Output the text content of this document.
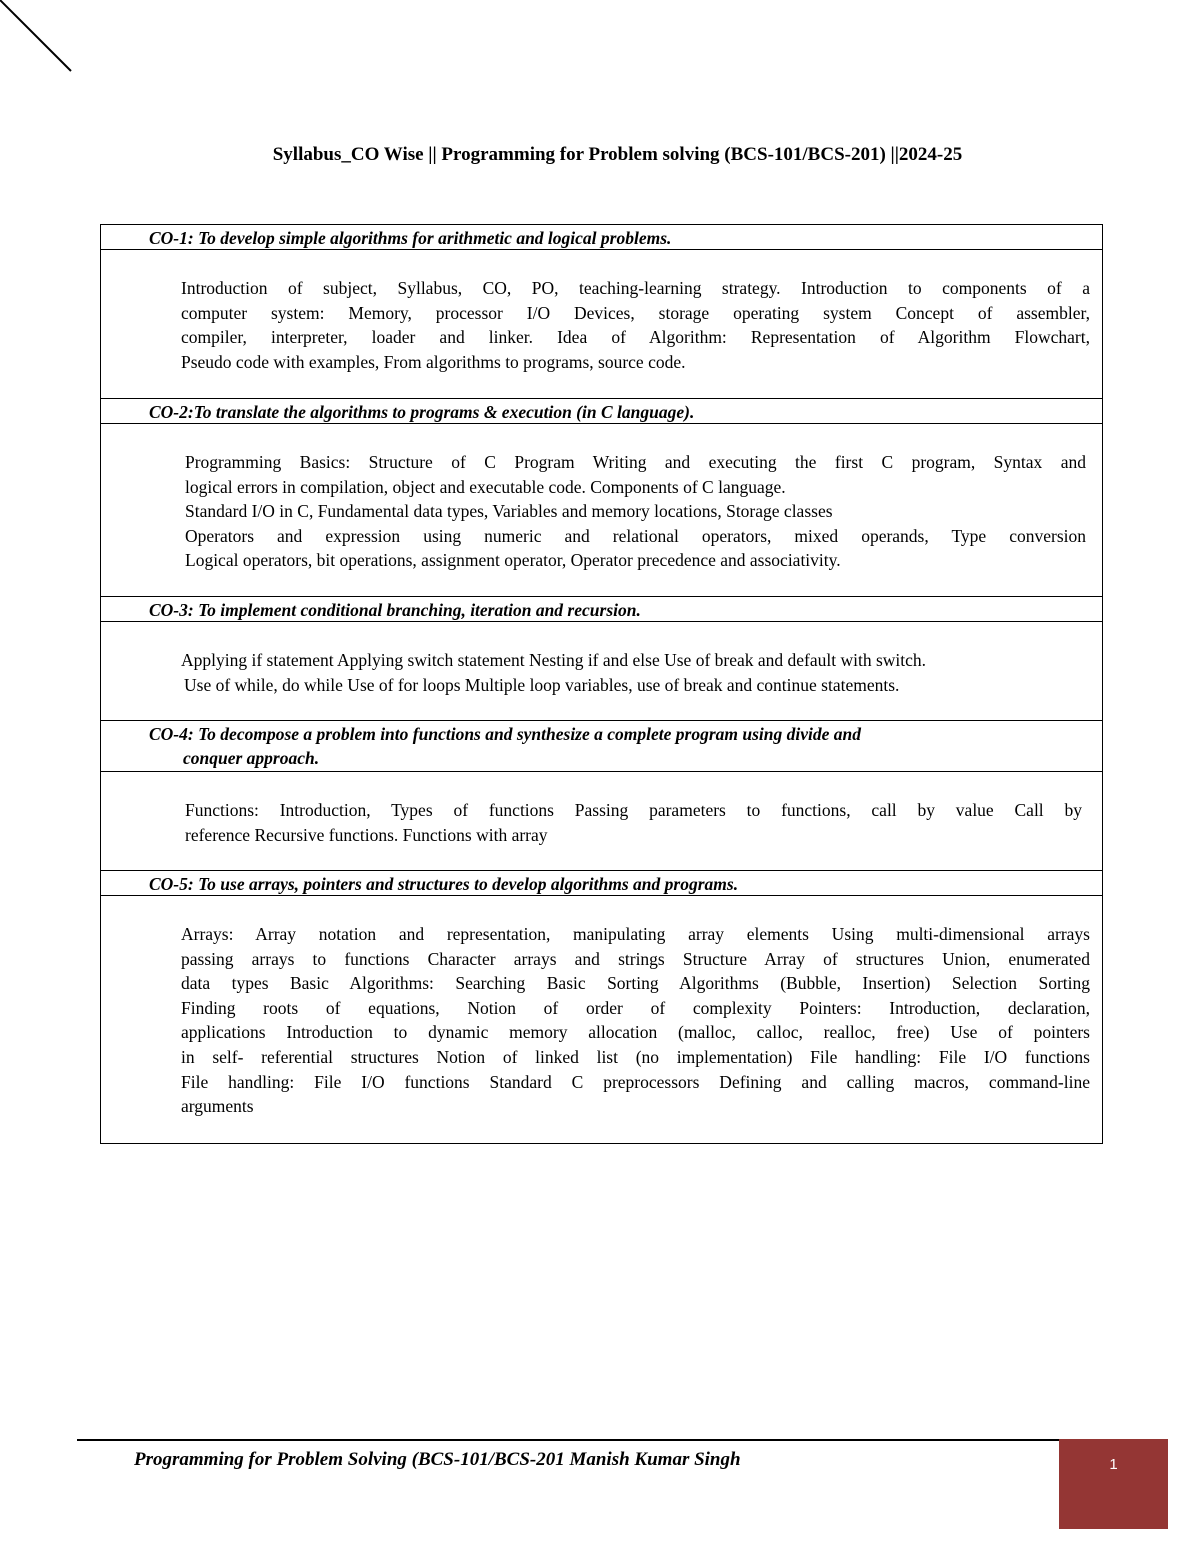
Syllabus_CO Wise || Programming for Problem solving (BCS-101/BCS-201) ||2024-25
CO-1: To develop simple algorithms for arithmetic and logical problems.
Introduction of subject, Syllabus, CO, PO, teaching-learning strategy. Introduction to components of a
computer system: Memory, processor I/O Devices, storage operating system Concept of assembler,
compiler, interpreter, loader and linker. Idea of Algorithm: Representation of Algorithm Flowchart,
Pseudo code with examples, From algorithms to programs, source code.
CO-2:To translate the algorithms to programs & execution (in C language).
Programming Basics: Structure of C Program Writing and executing the first C program, Syntax and
logical errors in compilation, object and executable code. Components of C language.
Standard I/O in C, Fundamental data types, Variables and memory locations, Storage classes
Operators and expression using numeric and relational operators, mixed operands, Type conversion
Logical operators, bit operations, assignment operator, Operator precedence and associativity.
CO-3: To implement conditional branching, iteration and recursion.
Applying if statement Applying switch statement Nesting if and else Use of break and default with switch.
Use of while, do while Use of for loops Multiple loop variables, use of break and continue statements.
CO-4: To decompose a problem into functions and synthesize a complete program using divide and
conquer approach.
Functions: Introduction, Types of functions Passing parameters to functions, call by value Call by
reference Recursive functions. Functions with array
CO-5: To use arrays, pointers and structures to develop algorithms and programs.
Arrays: Array notation and representation, manipulating array elements Using multi-dimensional arrays
passing arrays to functions Character arrays and strings Structure Array of structures Union, enumerated
data types Basic Algorithms: Searching Basic Sorting Algorithms (Bubble, Insertion) Selection Sorting
Finding roots of equations, Notion of order of complexity Pointers: Introduction, declaration,
applications Introduction to dynamic memory allocation (malloc, calloc, realloc, free) Use of pointers
in self- referential structures Notion of linked list (no implementation) File handling: File I/O functions
File handling: File I/O functions Standard C preprocessors Defining and calling macros, command-line
arguments
Programming for Problem Solving (BCS-101/BCS-201 Manish Kumar Singh	1
